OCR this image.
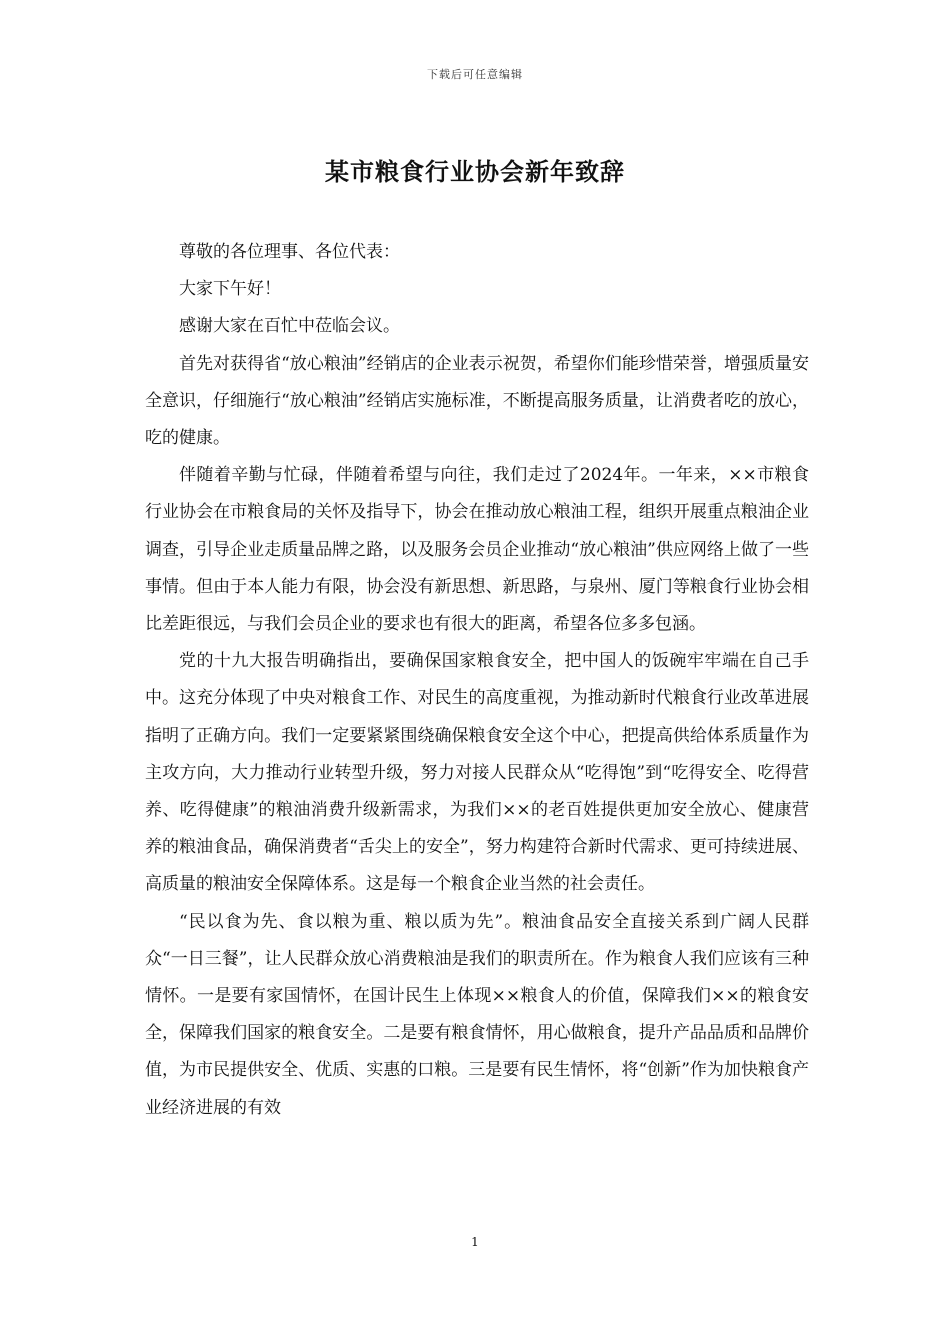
下载后可任意编辑
某市粮食行业协会新年致辞

尊敬的各位理事、各位代表：

大家下午好！

感谢大家在百忙中莅临会议。

首先对获得省“放心粮油”经销店的企业表示祝贺，希望你们能珍惜荣誉，增强质量安全意识，仔细施行“放心粮油”经销店实施标准，不断提高服务质量，让消费者吃的放心，吃的健康。

伴随着辛勤与忙碌，伴随着希望与向往，我们走过了2024年。一年来，××市粮食行业协会在市粮食局的关怀及指导下，协会在推动放心粮油工程，组织开展重点粮油企业调查，引导企业走质量品牌之路，以及服务会员企业推动“放心粮油”供应网络上做了一些事情。但由于本人能力有限，协会没有新思想、新思路，与泉州、厦门等粮食行业协会相比差距很远，与我们会员企业的要求也有很大的距离，希望各位多多包涵。

党的十九大报告明确指出，要确保国家粮食安全，把中国人的饭碗牢牢端在自己手中。这充分体现了中央对粮食工作、对民生的高度重视，为推动新时代粮食行业改革进展指明了正确方向。我们一定要紧紧围绕确保粮食安全这个中心，把提高供给体系质量作为主攻方向，大力推动行业转型升级，努力对接人民群众从“吃得饱”到“吃得安全、吃得营养、吃得健康”的粮油消费升级新需求，为我们××的老百姓提供更加安全放心、健康营养的粮油食品，确保消费者“舌尖上的安全”，努力构建符合新时代需求、更可持续进展、高质量的粮油安全保障体系。这是每一个粮食企业当然的社会责任。

“民以食为先、食以粮为重、粮以质为先”。粮油食品安全直接关系到广阔人民群众“一日三餐”，让人民群众放心消费粮油是我们的职责所在。作为粮食人我们应该有三种情怀。一是要有家国情怀，在国计民生上体现××粮食人的价值，保障我们××的粮食安全，保障我们国家的粮食安全。二是要有粮食情怀，用心做粮食，提升产品品质和品牌价值，为市民提供安全、优质、实惠的口粮。三是要有民生情怀，将“创新”作为加快粮食产业经济进展的有效

1
